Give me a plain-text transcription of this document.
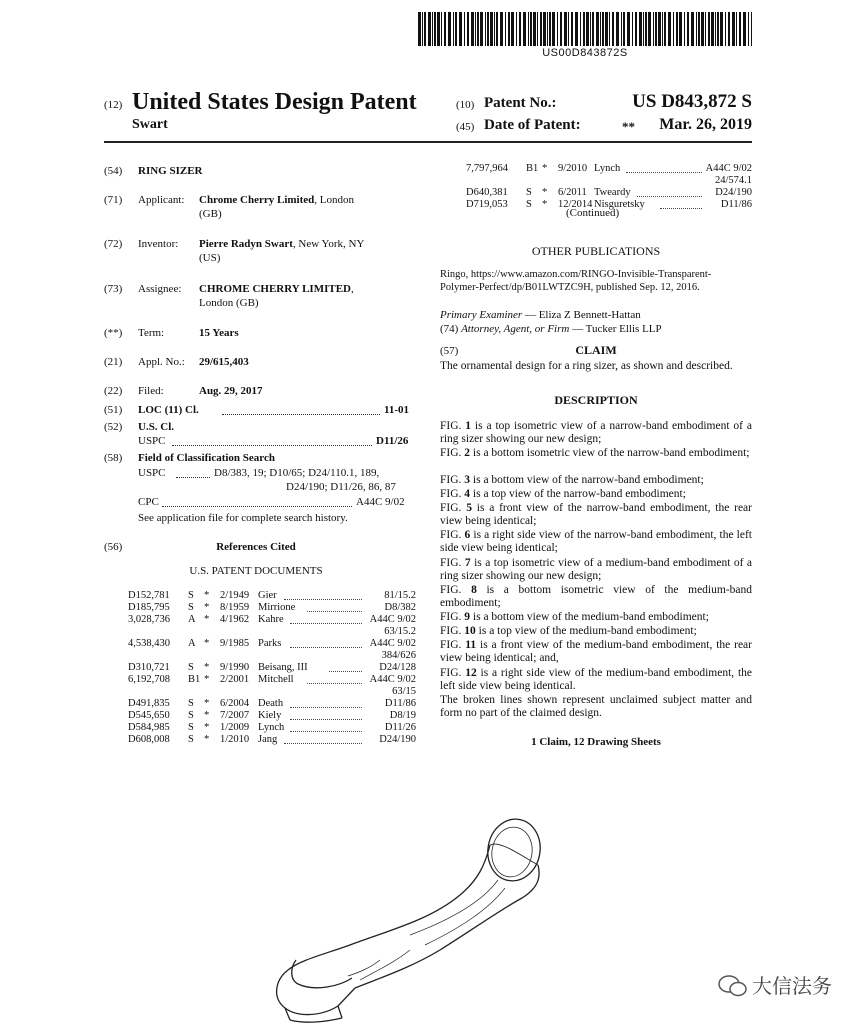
US00D843872S
(12) United States Design Patent
Swart
(10) Patent No.:	US D843,872 S
(45) Date of Patent:	**	Mar. 26, 2019
(54) RING SIZER
(71) Applicant: Chrome Cherry Limited, London
(GB)
(72) Inventor: Pierre Radyn Swart, New York, NY
(US)
(73) Assignee: CHROME CHERRY LIMITED,
London (GB)
(**) Term:	15 Years
(21) Appl. No.: 29/615,403
(22) Filed:	Aug. 29, 2017
(51) LOC (11) Cl.	11-01
(52) U.S. Cl.
USPC	D11/26
(58) Field of Classification Search
USPC	D8/383, 19; D10/65; D24/110.1, 189,
D24/190; D11/26, 86, 87
CPC	A44C 9/02
See application file for complete search history.
(56)	References Cited
U.S. PATENT DOCUMENTS
D152,781 S * 2/1949 Gier	81/15.2
D185,795 S * 8/1959 Mirrione	D8/382
3,028,736 A * 4/1962 Kahre	A44C 9/02
63/15.2
4,538,430 A * 9/1985 Parks	A44C 9/02
384/626
D310,721 S * 9/1990 Beisang, III	D24/128
6,192,708 B1 * 2/2001 Mitchell	A44C 9/02
63/15
D491,835 S * 6/2004 Death	D11/86
D545,650 S * 7/2007 Kiely	D8/19
D584,985 S * 1/2009 Lynch	D11/26
D608,008 S * 1/2010 Jang	D24/190
7,797,964 B1 * 9/2010 Lynch	A44C 9/02
24/574.1
D640,381 S * 6/2011 Tweardy	D24/190
D719,053 S * 12/2014 Nisguretsky	D11/86
(Continued)
OTHER PUBLICATIONS
Ringo, https://www.amazon.com/RINGO-Invisible-Transparent-
Polymer-Perfect/dp/B01LWTZC9H, published Sep. 12, 2016.
Primary Examiner — Eliza Z Bennett-Hattan
(74) Attorney, Agent, or Firm — Tucker Ellis LLP
(57)	CLAIM
The ornamental design for a ring sizer, as shown and described.
DESCRIPTION
FIG. 1 is a top isometric view of a narrow-band embodiment of a ring sizer showing our new design;
FIG. 2 is a bottom isometric view of the narrow-band embodiment;
FIG. 3 is a bottom view of the narrow-band embodiment;
FIG. 4 is a top view of the narrow-band embodiment;
FIG. 5 is a front view of the narrow-band embodiment, the rear view being identical;
FIG. 6 is a right side view of the narrow-band embodiment, the left side view being identical;
FIG. 7 is a top isometric view of a medium-band embodiment of a ring sizer showing our new design;
FIG. 8 is a bottom isometric view of the medium-band embodiment;
FIG. 9 is a bottom view of the medium-band embodiment;
FIG. 10 is a top view of the medium-band embodiment;
FIG. 11 is a front view of the medium-band embodiment, the rear view being identical; and,
FIG. 12 is a right side view of the medium-band embodiment, the left side view being identical.
The broken lines shown represent unclaimed subject matter and form no part of the claimed design.
1 Claim, 12 Drawing Sheets
大信法务
